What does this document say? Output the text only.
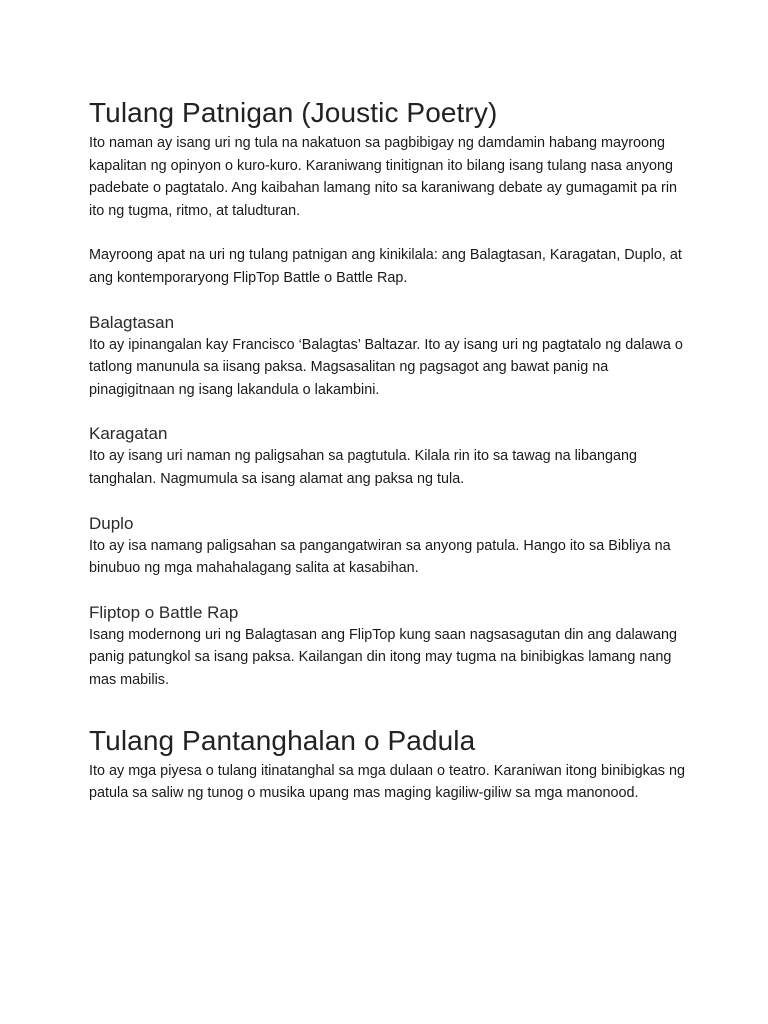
Tulang Patnigan (Joustic Poetry)

Ito naman ay isang uri ng tula na nakatuon sa pagbibigay ng damdamin habang mayroong kapalitan ng opinyon o kuro-kuro. Karaniwang tinitignan ito bilang isang tulang nasa anyong padebate o pagtatalo. Ang kaibahan lamang nito sa karaniwang debate ay gumagamit pa rin ito ng tugma, ritmo, at taludturan.

Mayroong apat na uri ng tulang patnigan ang kinikilala: ang Balagtasan, Karagatan, Duplo, at ang kontemporaryong FlipTop Battle o Battle Rap.

Balagtasan

Ito ay ipinangalan kay Francisco ‘Balagtas’ Baltazar. Ito ay isang uri ng pagtatalo ng dalawa o tatlong manunula sa iisang paksa. Magsasalitan ng pagsagot ang bawat panig na pinagigitnaan ng isang lakandula o lakambini.

Karagatan

Ito ay isang uri naman ng paligsahan sa pagtutula. Kilala rin ito sa tawag na libangang tanghalan. Nagmumula sa isang alamat ang paksa ng tula.

Duplo

Ito ay isa namang paligsahan sa pangangatwiran sa anyong patula. Hango ito sa Bibliya na binubuo ng mga mahahalagang salita at kasabihan.

Fliptop o Battle Rap

Isang modernong uri ng Balagtasan ang FlipTop kung saan nagsasagutan din ang dalawang panig patungkol sa isang paksa. Kailangan din itong may tugma na binibigkas lamang nang mas mabilis.

Tulang Pantanghalan o Padula

Ito ay mga piyesa o tulang itinatanghal sa mga dulaan o teatro. Karaniwan itong binibigkas ng patula sa saliw ng tunog o musika upang mas maging kagiliw-giliw sa mga manonood.
